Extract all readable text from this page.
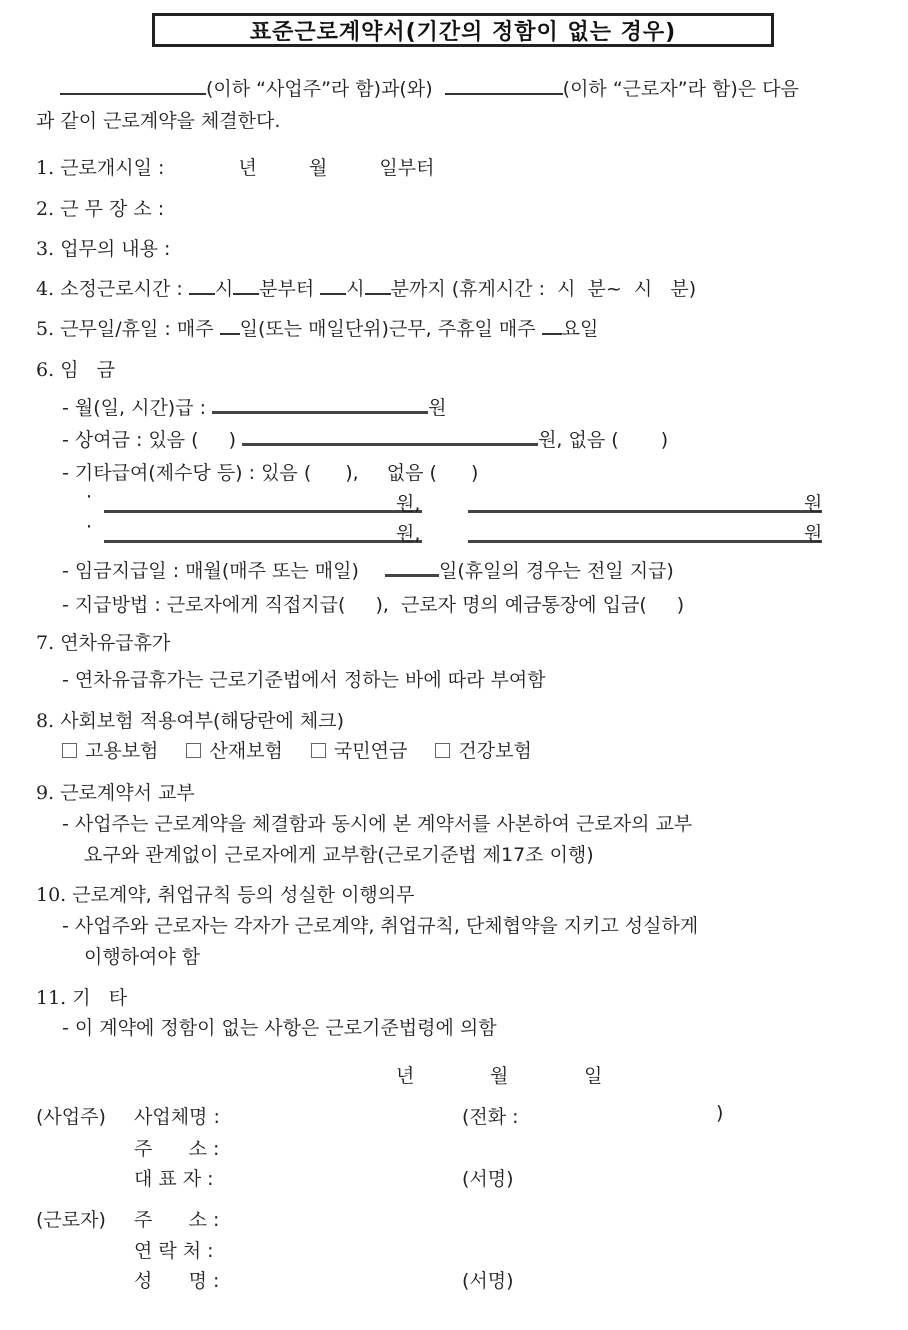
표준근로계약서(기간의 정함이 없는 경우)
(이하 “사업주”라 함)과(와)	(이하 “근로자”라 함)은 다음
과 같이 근로계약을 체결한다.
1. 근로개시일 :	년	월	일부터
2. 근 무 장 소 :
3. 업무의 내용 :
4. 소정근로시간 : 시 분부터 시 분까지 (휴게시간 :  시  분~  시   분)
5. 근무일/휴일 : 매주 일(또는 매일단위)근무, 주휴일 매주 요일
6. 임   금
- 월(일, 시간)급 :	원
- 상여금 : 있음 ( )	원, 없음 ( )
- 기타급여(제수당 등) : 있음 ( ), 없음 ( )
·	원,	원
·	원,	원
- 임금지급일 : 매월(매주 또는 매일)	일(휴일의 경우는 전일 지급)
- 지급방법 : 근로자에게 직접지급( ),  근로자 명의 예금통장에 입금( )
7. 연차유급휴가
- 연차유급휴가는 근로기준법에서 정하는 바에 따라 부여함
8. 사회보험 적용여부(해당란에 체크)
고용보험	산재보험	국민연금	건강보험
9. 근로계약서 교부
- 사업주는 근로계약을 체결함과 동시에 본 계약서를 사본하여 근로자의 교부
요구와 관계없이 근로자에게 교부함(근로기준법 제17조 이행)
10. 근로계약, 취업규칙 등의 성실한 이행의무
- 사업주와 근로자는 각자가 근로계약, 취업규칙, 단체협약을 지키고 성실하게
이행하여야 함
11. 기   타
- 이 계약에 정함이 없는 사항은 근로기준법령에 의함
년	월	일
(사업주) 사업체명 :	(전화 :	)
주      소 :
대 표 자 :	(서명)
(근로자) 주      소 :
연 락 처 :
성      명 :	(서명)
